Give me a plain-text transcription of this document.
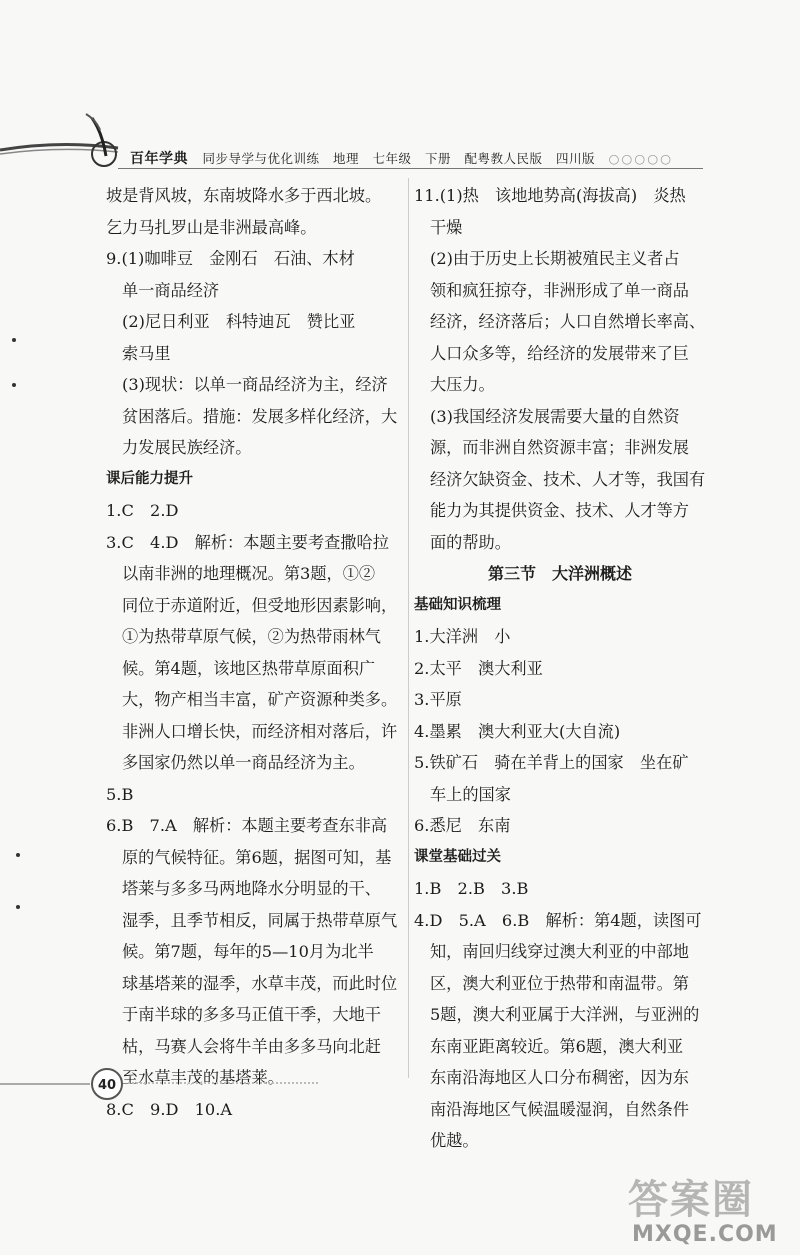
百年学典 同步导学与优化训练 地理 七年级 下册 配粤教人民版 四川版 ○○○○○
坡是背风坡，东南坡降水多于西北坡。
乞力马扎罗山是非洲最高峰。
9.(1)咖啡豆　金刚石　石油、木材
单一商品经济
(2)尼日利亚　科特迪瓦　赞比亚
索马里
(3)现状：以单一商品经济为主，经济
贫困落后。措施：发展多样化经济，大
力发展民族经济。
课后能力提升
1.C　2.D
3.C　4.D　解析：本题主要考查撒哈拉
以南非洲的地理概况。第3题，①②
同位于赤道附近，但受地形因素影响，
①为热带草原气候，②为热带雨林气
候。第4题，该地区热带草原面积广
大，物产相当丰富，矿产资源种类多。
非洲人口增长快，而经济相对落后，许
多国家仍然以单一商品经济为主。
5.B
6.B　7.A　解析：本题主要考查东非高
原的气候特征。第6题，据图可知，基
塔莱与多多马两地降水分明显的干、
湿季，且季节相反，同属于热带草原气
候。第7题，每年的5—10月为北半
球基塔莱的湿季，水草丰茂，而此时位
于南半球的多多马正值干季，大地干
枯，马赛人会将牛羊由多多马向北赶
至水草丰茂的基塔莱。
8.C　9.D　10.A
11.(1)热　该地地势高(海拔高)　炎热
干燥
(2)由于历史上长期被殖民主义者占
领和疯狂掠夺，非洲形成了单一商品
经济，经济落后；人口自然增长率高、
人口众多等，给经济的发展带来了巨
大压力。
(3)我国经济发展需要大量的自然资
源，而非洲自然资源丰富；非洲发展
经济欠缺资金、技术、人才等，我国有
能力为其提供资金、技术、人才等方
面的帮助。
第三节　大洋洲概述
基础知识梳理
1.大洋洲　小
2.太平　澳大利亚
3.平原
4.墨累　澳大利亚大(大自流)
5.铁矿石　骑在羊背上的国家　坐在矿
车上的国家
6.悉尼　东南
课堂基础过关
1.B　2.B　3.B
4.D　5.A　6.B　解析：第4题，读图可
知，南回归线穿过澳大利亚的中部地
区，澳大利亚位于热带和南温带。第
5题，澳大利亚属于大洋洲，与亚洲的
东南亚距离较近。第6题，澳大利亚
东南沿海地区人口分布稠密，因为东
南沿海地区气候温暖湿润，自然条件
优越。
40
答案圈
MXQE.COM
